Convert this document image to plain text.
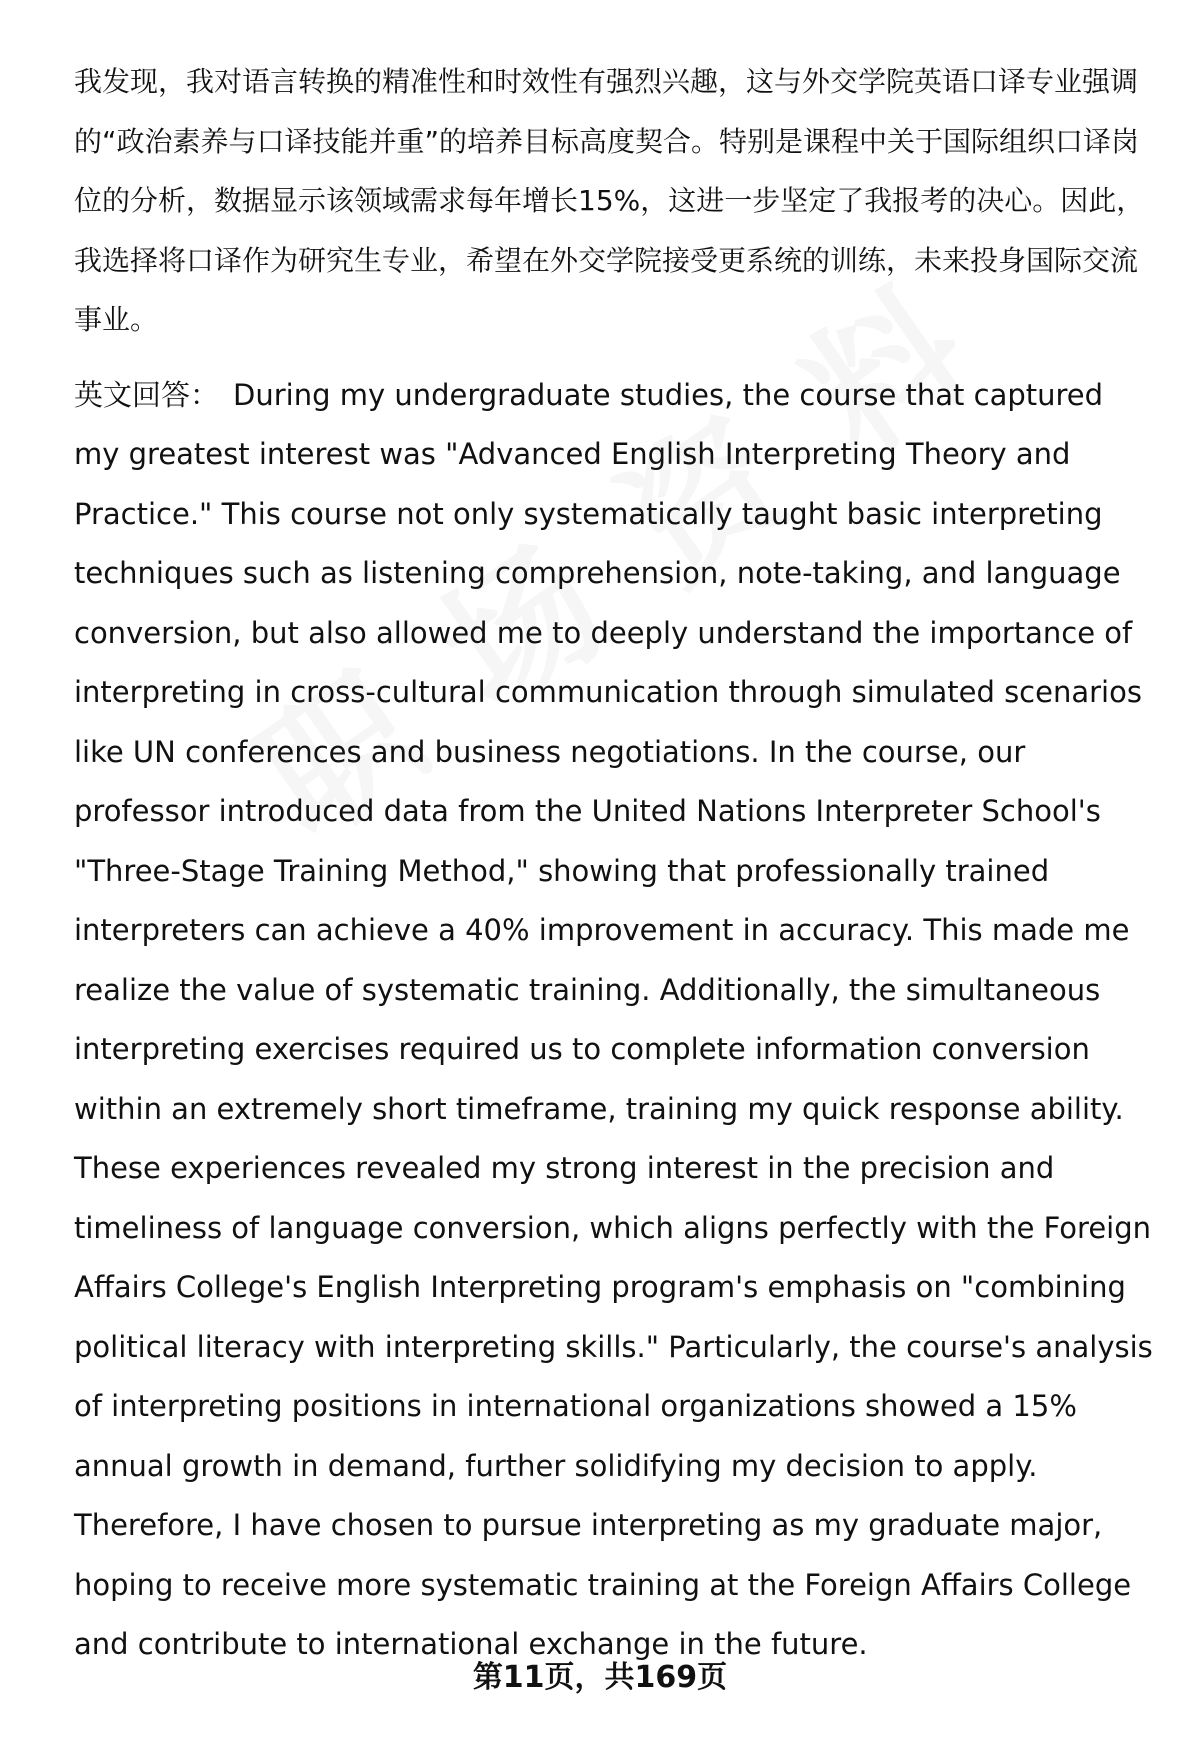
我发现，我对语言转换的精准性和时效性有强烈兴趣，这与外交学院英语口译专业强调的“政治素养与口译技能并重”的培养目标高度契合。特别是课程中关于国际组织口译岗位的分析，数据显示该领域需求每年增长15%，这进一步坚定了我报考的决心。因此，我选择将口译作为研究生专业，希望在外交学院接受更系统的训练，未来投身国际交流事业。

英文回答： During my undergraduate studies, the course that captured my greatest interest was "Advanced English Interpreting Theory and Practice." This course not only systematically taught basic interpreting techniques such as listening comprehension, note-taking, and language conversion, but also allowed me to deeply understand the importance of interpreting in cross-cultural communication through simulated scenarios like UN conferences and business negotiations. In the course, our professor introduced data from the United Nations Interpreter School's "Three-Stage Training Method," showing that professionally trained interpreters can achieve a 40% improvement in accuracy. This made me realize the value of systematic training. Additionally, the simultaneous interpreting exercises required us to complete information conversion within an extremely short timeframe, training my quick response ability. These experiences revealed my strong interest in the precision and timeliness of language conversion, which aligns perfectly with the Foreign Affairs College's English Interpreting program's emphasis on "combining political literacy with interpreting skills." Particularly, the course's analysis of interpreting positions in international organizations showed a 15% annual growth in demand, further solidifying my decision to apply. Therefore, I have chosen to pursue interpreting as my graduate major, hoping to receive more systematic training at the Foreign Affairs College and contribute to international exchange in the future.

第11页，共169页
